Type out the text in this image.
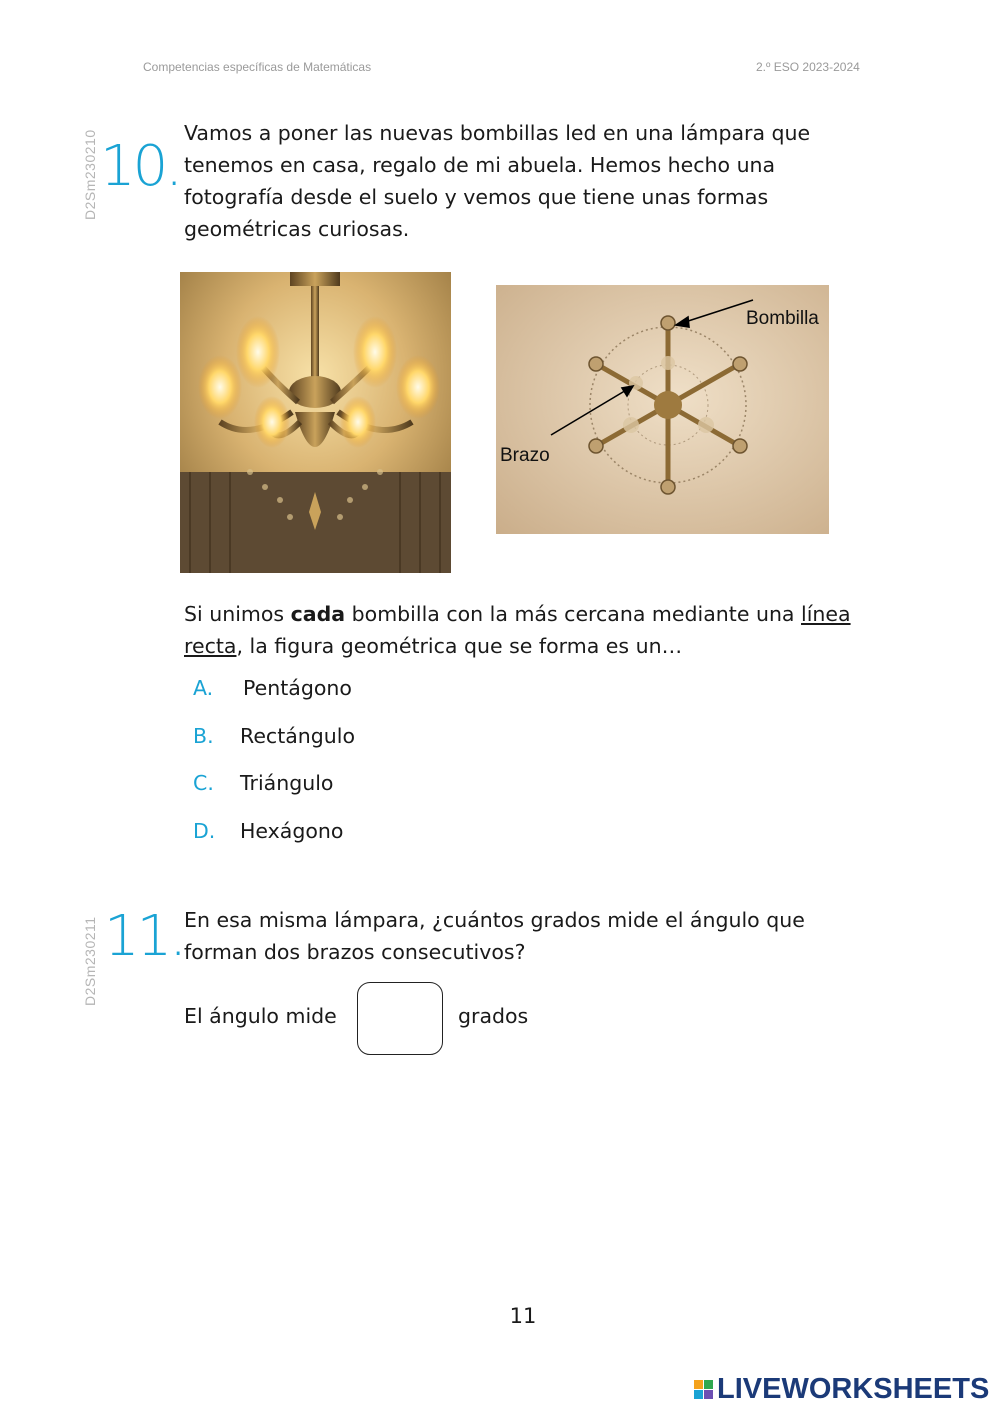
Competencias específicas de Matemáticas	2.º ESO 2023-2024
D2Sm230210 10.
Vamos a poner las nuevas bombillas led en una lámpara que tenemos en casa, regalo de mi abuela. Hemos hecho una fotografía desde el suelo y vemos que tiene unas formas geométricas curiosas.
Bombilla
Brazo
Si unimos cada bombilla con la más cercana mediante una línea recta, la figura geométrica que se forma es un…
A. Pentágono
B. Rectángulo
C. Triángulo
D. Hexágono
D2Sm230211 11. En esa misma lámpara, ¿cuántos grados mide el ángulo que forman dos brazos consecutivos?
El ángulo mide	grados
11
LIVEWORKSHEETS
